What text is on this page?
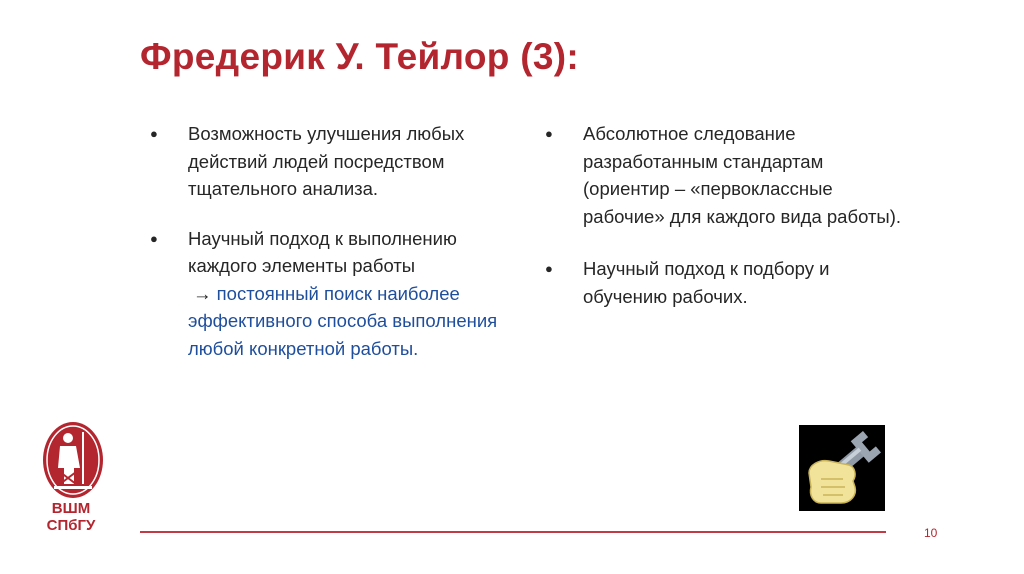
Фредерик У. Тейлор (3):
● Возможность улучшения любых действий людей посредством тщательного анализа.
● Научный подход к выполнению каждого элементы работы
→ постоянный поиск наиболее эффективного способа выполнения любой конкретной работы.
● Абсолютное следование разработанным стандартам (ориентир – «первоклассные рабочие» для каждого вида работы).
● Научный подход к подбору и обучению рабочих.
ВШМ
СПбГУ	10
